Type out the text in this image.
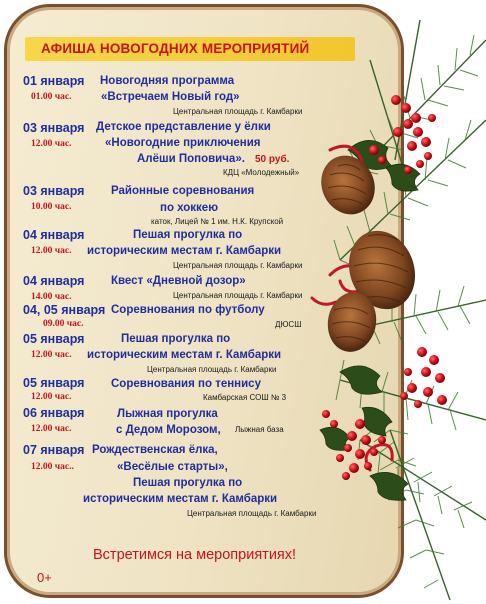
АФИША НОВОГОДНИХ МЕРОПРИЯТИЙ
01 января
01.00 час.
Новогодняя программа
«Встречаем Новый год»
Центральная площадь г. Камбарки
03 января
12.00 час.
Детское представление у ёлки
«Новогодние приключения
Алёши Поповича». 50 руб.
КДЦ «Молодежный»
03 января
10.00 час.
Районные соревнования
по хоккею
каток, Лицей № 1 им. Н.К. Крупской
04 января
12.00 час.
Пешая прогулка по
историческим местам г. Камбарки
Центральная площадь г. Камбарки
04 января
14.00 час.
Квест «Дневной дозор»
Центральная площадь г. Камбарки
04, 05 января
09.00 час.
Соревнования по футболу
ДЮСШ
05 января
12.00 час.
Пешая прогулка по
историческим местам г. Камбарки
Центральная площадь г. Камбарки
05 января
12.00 час.
Соревнования по теннису
Камбарская СОШ № 3
06 января
12.00 час.
Лыжная прогулка
с Дедом Морозом, Лыжная база
07 января
12.00 час..
Рождественская ёлка,
«Весёлые старты»,
Пешая прогулка по
историческим местам г. Камбарки
Центральная площадь г. Камбарки
Встретимся на мероприятиях!
0+
